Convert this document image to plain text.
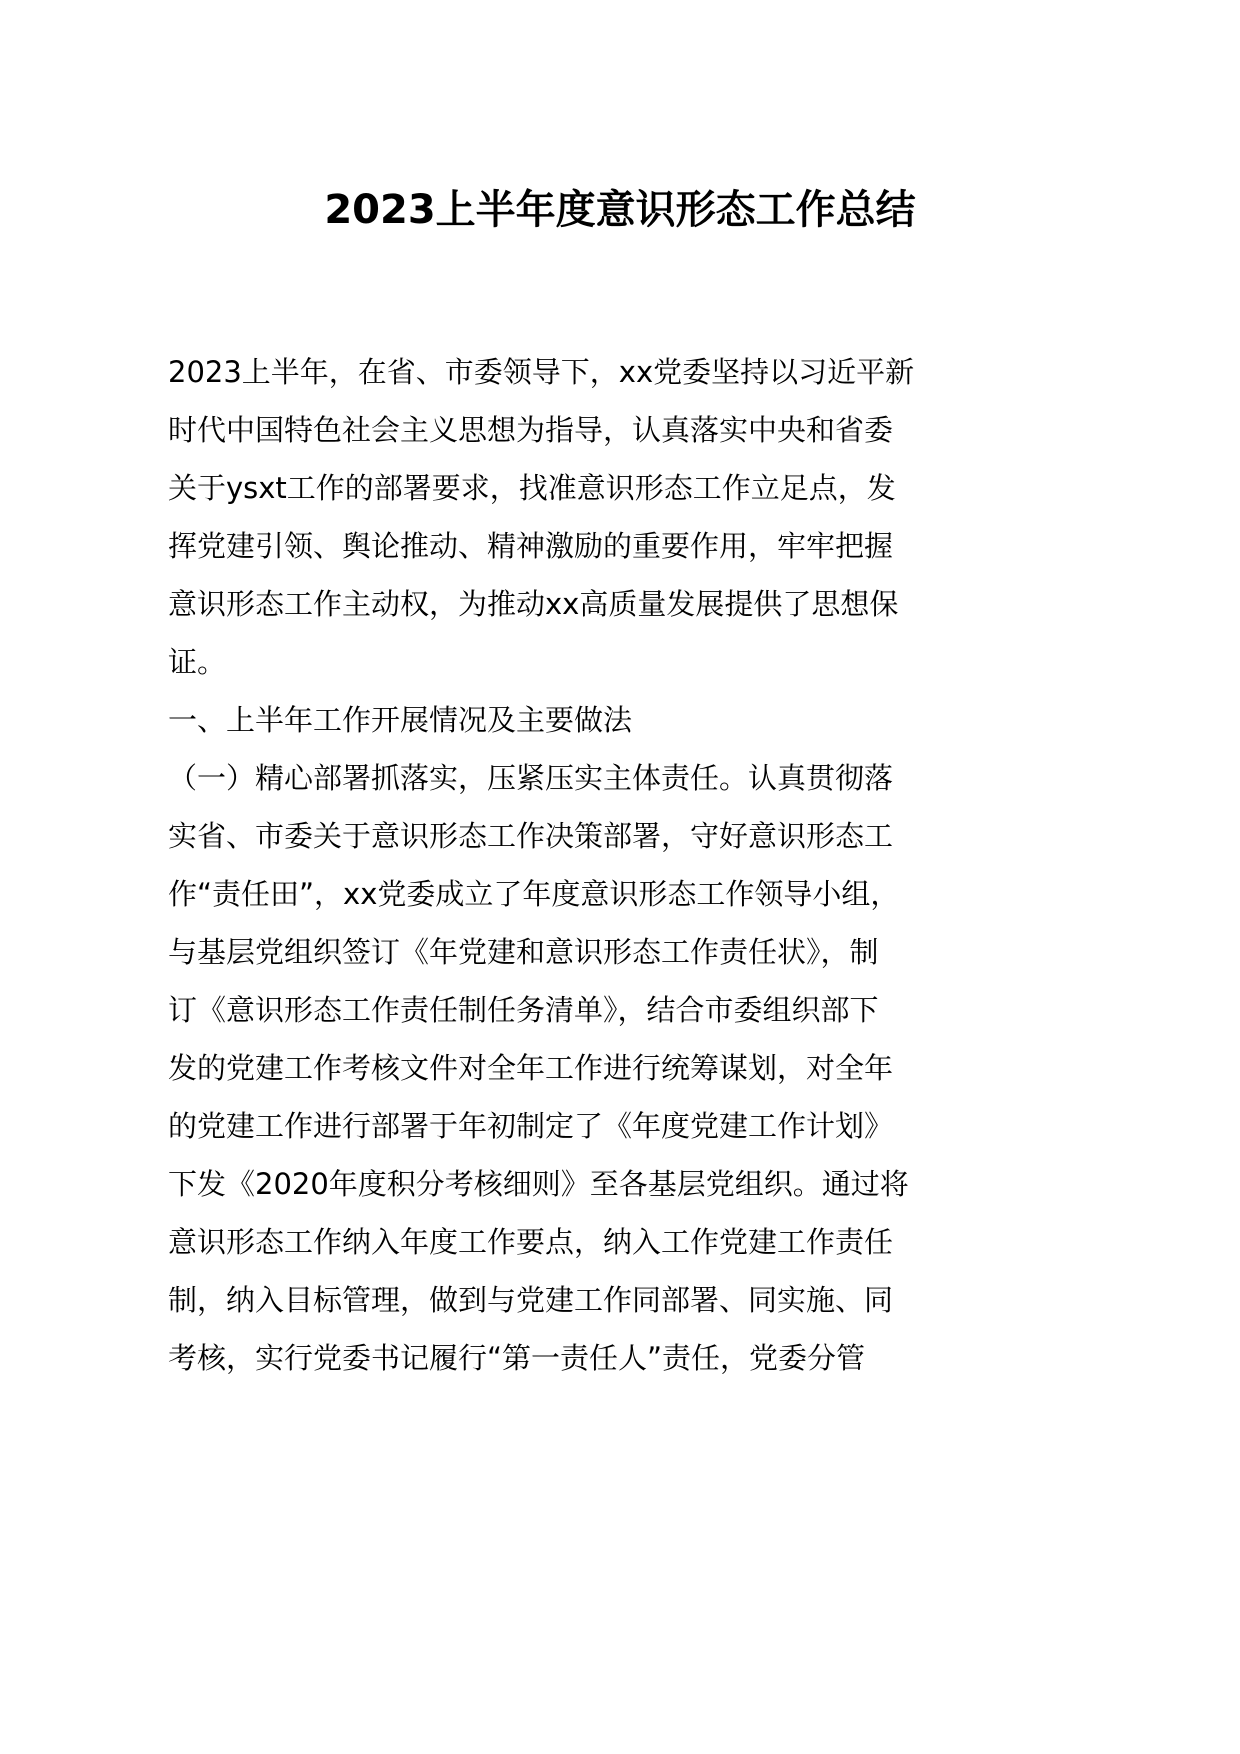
2023上半年度意识形态工作总结
2023上半年，在省、市委领导下，xx党委坚持以习近平新
时代中国特色社会主义思想为指导，认真落实中央和省委
关于ysxt工作的部署要求，找准意识形态工作立足点，发
挥党建引领、舆论推动、精神激励的重要作用，牢牢把握
意识形态工作主动权，为推动xx高质量发展提供了思想保
证。
一、上半年工作开展情况及主要做法
（一）精心部署抓落实，压紧压实主体责任。认真贯彻落
实省、市委关于意识形态工作决策部署，守好意识形态工
作“责任田”，xx党委成立了年度意识形态工作领导小组，
与基层党组织签订《年党建和意识形态工作责任状》，制
订《意识形态工作责任制任务清单》，结合市委组织部下
发的党建工作考核文件对全年工作进行统筹谋划，对全年
的党建工作进行部署于年初制定了《年度党建工作计划》
下发《2020年度积分考核细则》至各基层党组织。通过将
意识形态工作纳入年度工作要点，纳入工作党建工作责任
制，纳入目标管理，做到与党建工作同部署、同实施、同
考核，实行党委书记履行“第一责任人”责任，党委分管
